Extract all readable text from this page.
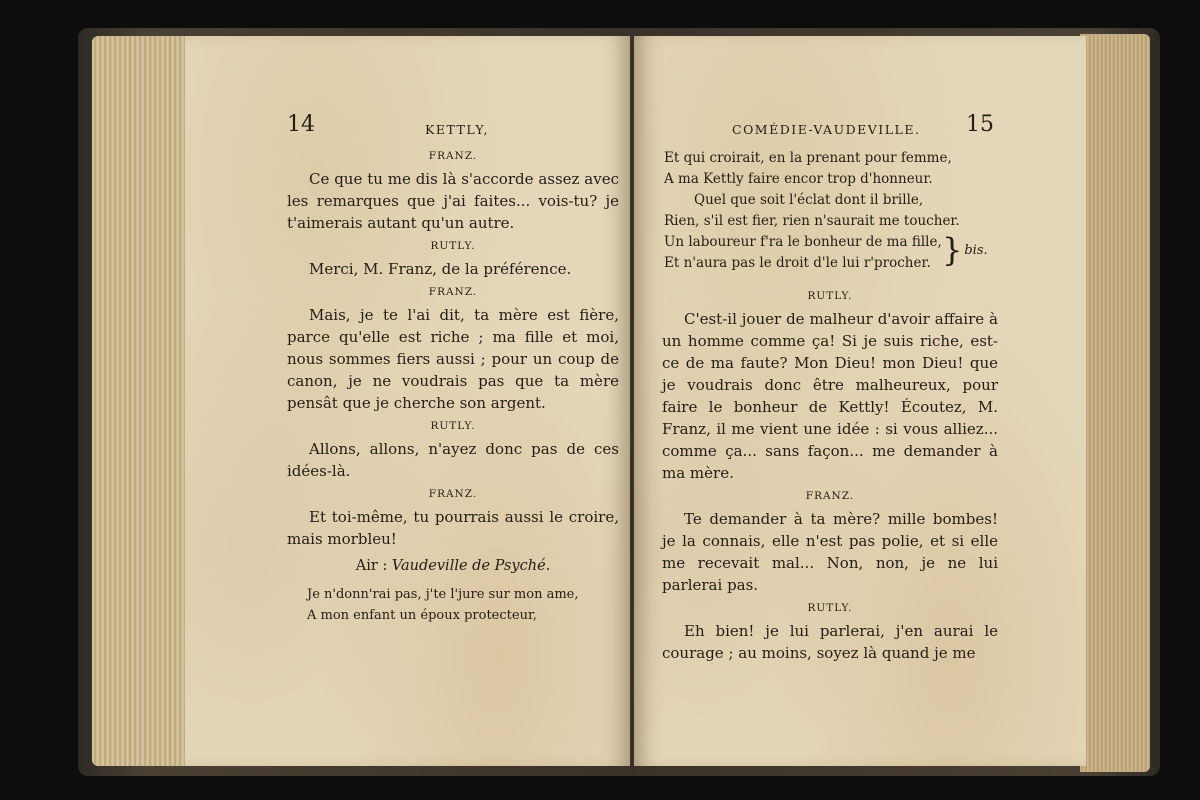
14	KETTLY,
FRANZ.

Ce que tu me dis là s'accorde assez avec les remarques que j'ai faites... vois-tu? je t'aimerais autant qu'un autre.

RUTLY.

Merci, M. Franz, de la préférence.

FRANZ.

Mais, je te l'ai dit, ta mère est fière, parce qu'elle est riche ; ma fille et moi, nous sommes fiers aussi ; pour un coup de canon, je ne voudrais pas que ta mère pensât que je cherche son argent.

RUTLY.

Allons, allons, n'ayez donc pas de ces idées-là.

FRANZ.

Et toi-même, tu pourrais aussi le croire, mais morbleu!

Air : Vaudeville de Psyché.
Je n'donn'rai pas, j'te l'jure sur mon ame,
A mon enfant un époux protecteur,
COMÉDIE-VAUDEVILLE. 15
Et qui croirait, en la prenant pour femme,
A ma Kettly faire encor trop d'honneur.
Quel que soit l'éclat dont il brille,
Rien, s'il est fier, rien n'saurait me toucher.
Un laboureur f'ra le bonheur de ma fille,
Et n'aura pas le droit d'le lui r'procher. } bis.
RUTLY.

C'est-il jouer de malheur d'avoir affaire à un homme comme ça! Si je suis riche, est-ce de ma faute? Mon Dieu! mon Dieu! que je voudrais donc être malheureux, pour faire le bonheur de Kettly! Écoutez, M. Franz, il me vient une idée : si vous alliez... comme ça... sans façon... me demander à ma mère.

FRANZ.

Te demander à ta mère? mille bombes! je la connais, elle n'est pas polie, et si elle me recevait mal... Non, non, je ne lui parlerai pas.

RUTLY.

Eh bien! je lui parlerai, j'en aurai le courage ; au moins, soyez là quand je me
